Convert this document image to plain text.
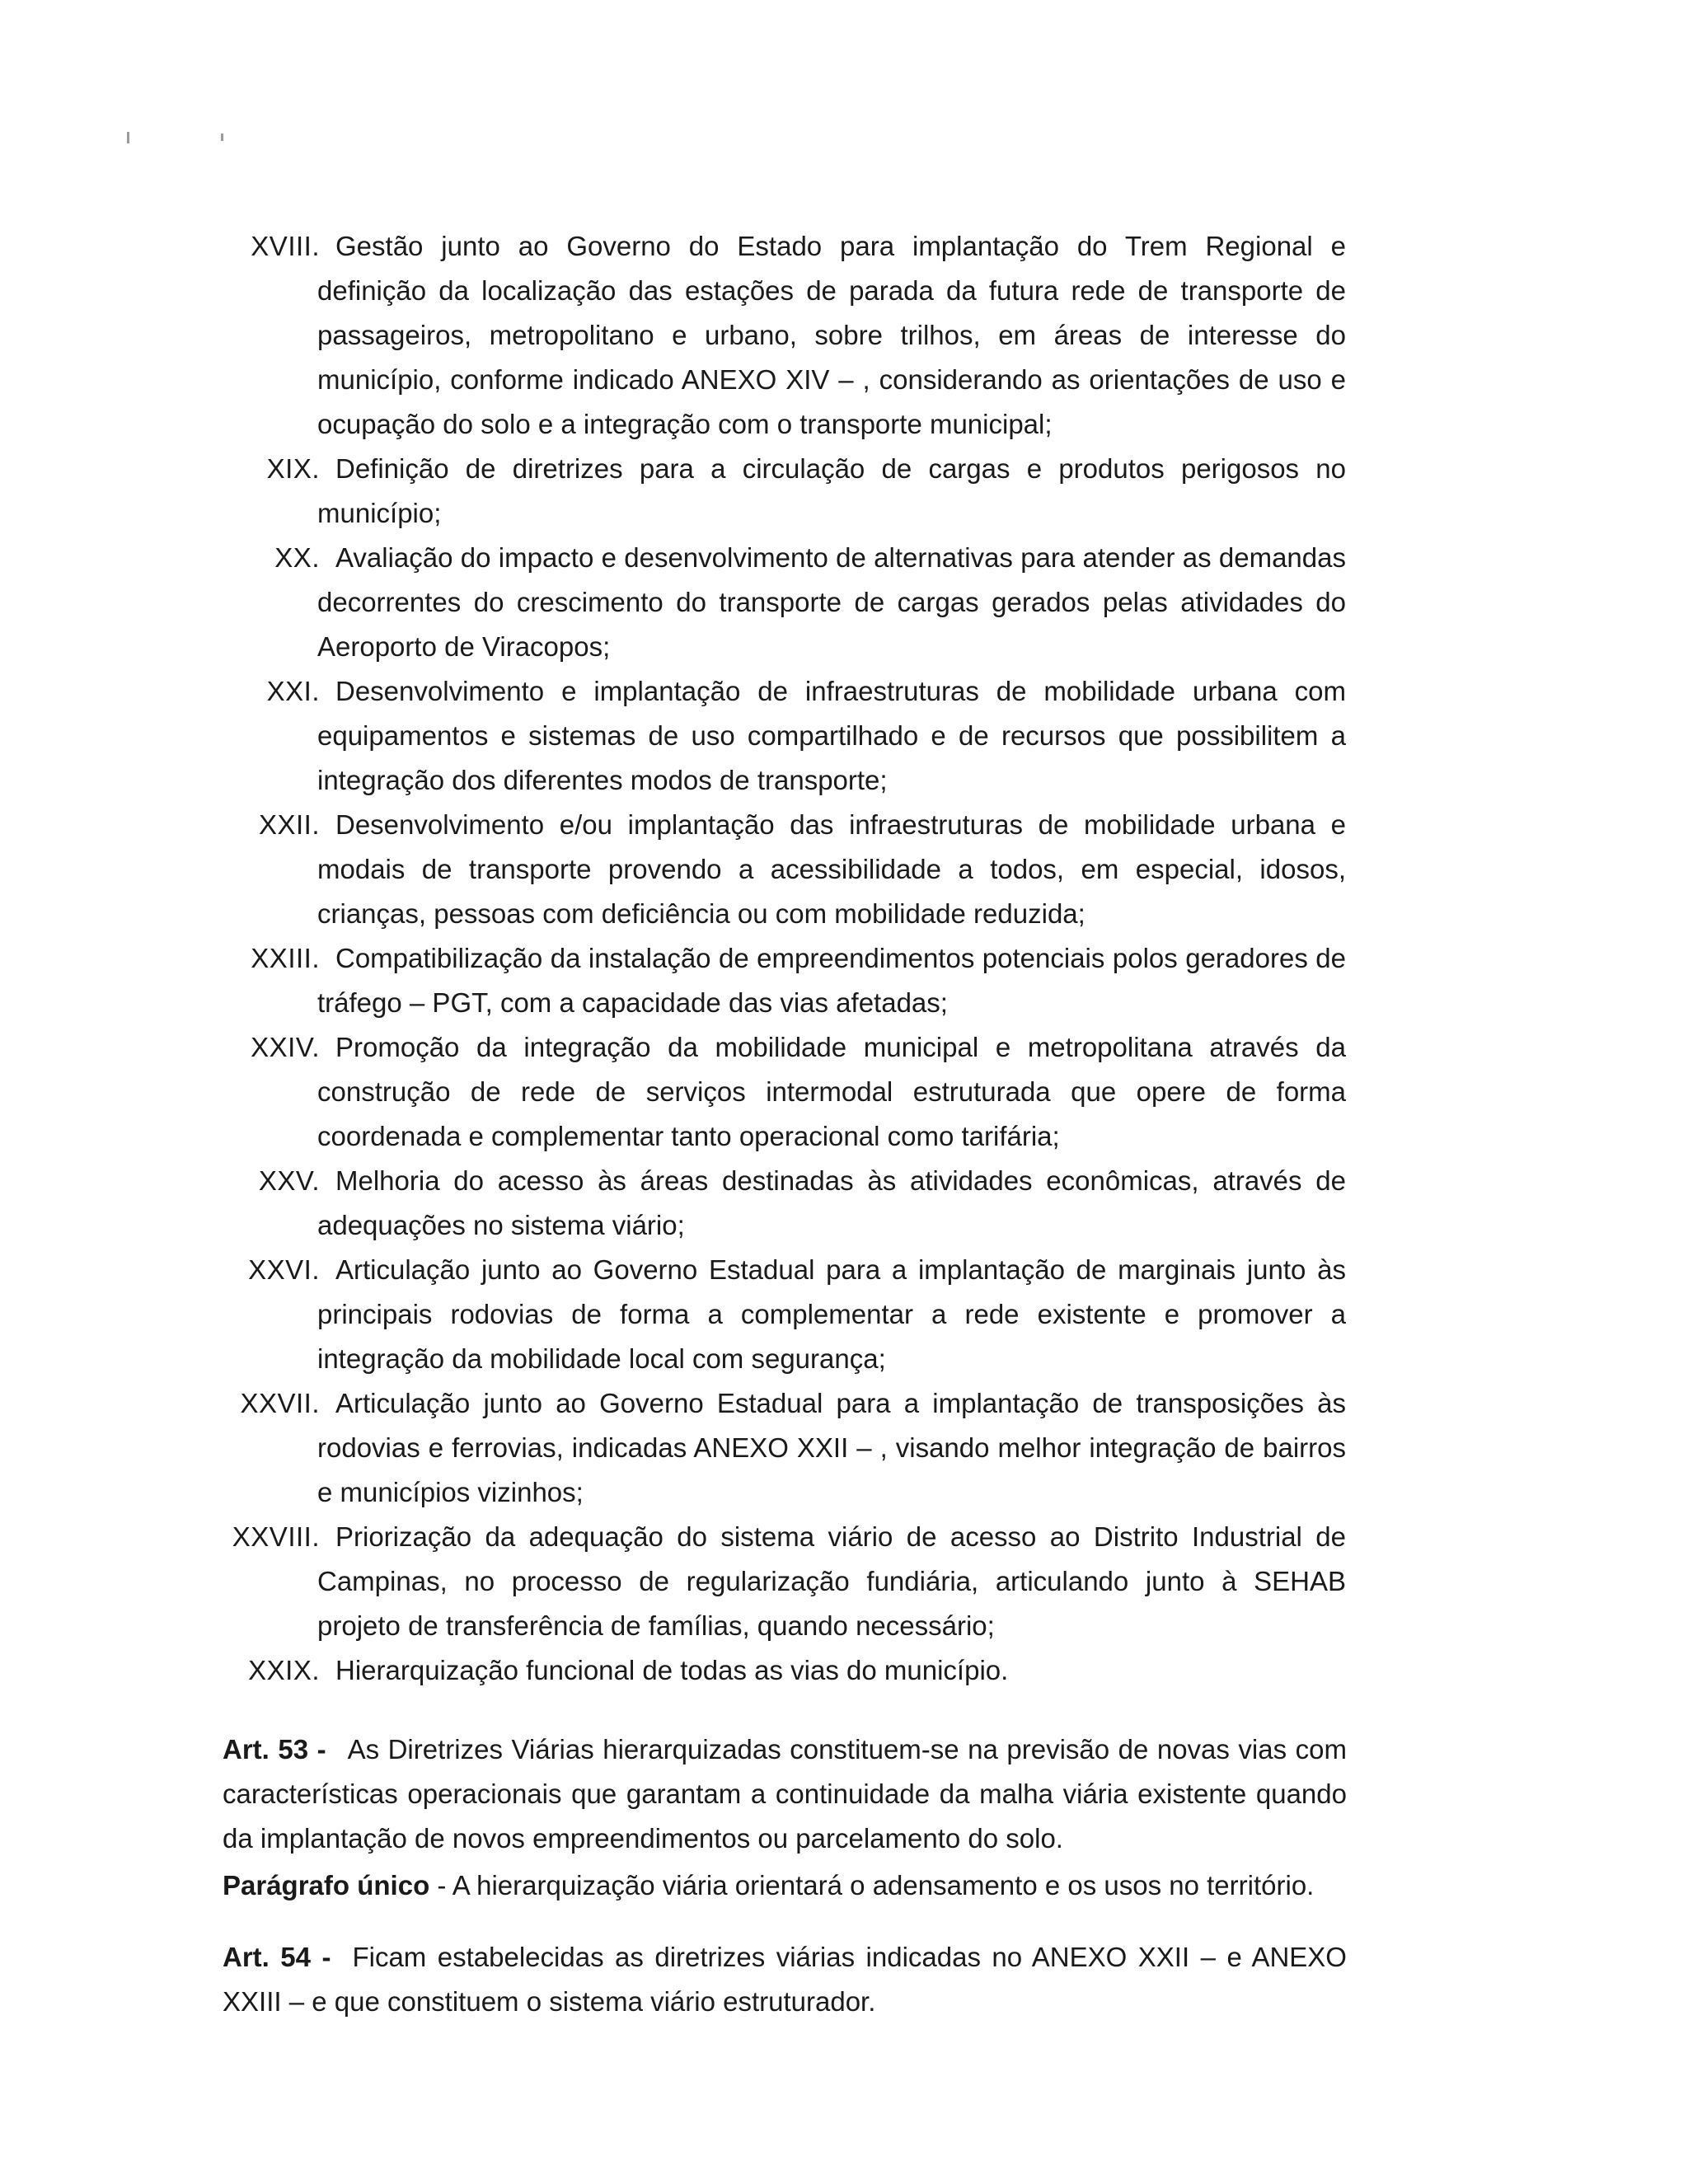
XVIII. Gestão junto ao Governo do Estado para implantação do Trem Regional e definição da localização das estações de parada da futura rede de transporte de passageiros, metropolitano e urbano, sobre trilhos, em áreas de interesse do município, conforme indicado ANEXO XIV – , considerando as orientações de uso e ocupação do solo e a integração com o transporte municipal;
XIX. Definição de diretrizes para a circulação de cargas e produtos perigosos no município;
XX. Avaliação do impacto e desenvolvimento de alternativas para atender as demandas decorrentes do crescimento do transporte de cargas gerados pelas atividades do Aeroporto de Viracopos;
XXI. Desenvolvimento e implantação de infraestruturas de mobilidade urbana com equipamentos e sistemas de uso compartilhado e de recursos que possibilitem a integração dos diferentes modos de transporte;
XXII. Desenvolvimento e/ou implantação das infraestruturas de mobilidade urbana e modais de transporte provendo a acessibilidade a todos, em especial, idosos, crianças, pessoas com deficiência ou com mobilidade reduzida;
XXIII. Compatibilização da instalação de empreendimentos potenciais polos geradores de tráfego – PGT, com a capacidade das vias afetadas;
XXIV. Promoção da integração da mobilidade municipal e metropolitana através da construção de rede de serviços intermodal estruturada que opere de forma coordenada e complementar tanto operacional como tarifária;
XXV. Melhoria do acesso às áreas destinadas às atividades econômicas, através de adequações no sistema viário;
XXVI. Articulação junto ao Governo Estadual para a implantação de marginais junto às principais rodovias de forma a complementar a rede existente e promover a integração da mobilidade local com segurança;
XXVII. Articulação junto ao Governo Estadual para a implantação de transposições às rodovias e ferrovias, indicadas ANEXO XXII – , visando melhor integração de bairros e municípios vizinhos;
XXVIII. Priorização da adequação do sistema viário de acesso ao Distrito Industrial de Campinas, no processo de regularização fundiária, articulando junto à SEHAB projeto de transferência de famílias, quando necessário;
XXIX. Hierarquização funcional de todas as vias do município.

Art. 53 - As Diretrizes Viárias hierarquizadas constituem-se na previsão de novas vias com características operacionais que garantam a continuidade da malha viária existente quando da implantação de novos empreendimentos ou parcelamento do solo.

Parágrafo único - A hierarquização viária orientará o adensamento e os usos no território.

Art. 54 - Ficam estabelecidas as diretrizes viárias indicadas no ANEXO XXII – e ANEXO XXIII – e que constituem o sistema viário estruturador.
